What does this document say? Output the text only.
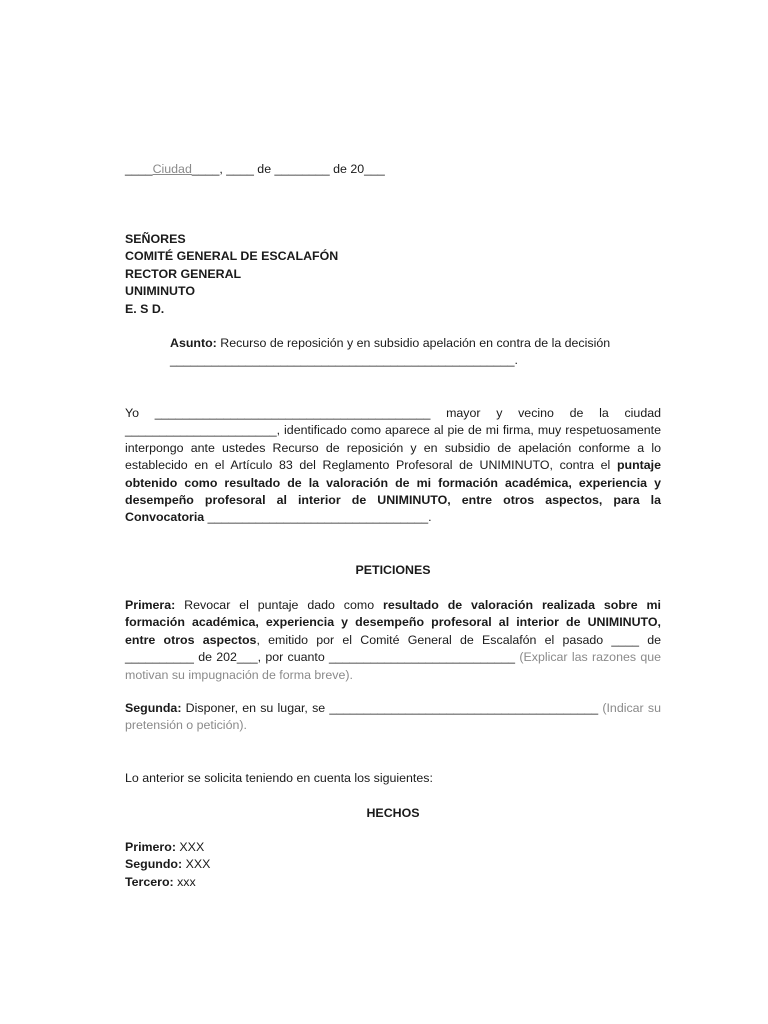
____Ciudad____, ____ de ________ de 20___

SEÑORES

COMITÉ GENERAL DE ESCALAFÓN

RECTOR GENERAL

UNIMINUTO

E. S D.

Asunto: Recurso de reposición y en subsidio apelación en contra de la decisión
__________________________________________________.
Yo ________________________________________ mayor y vecino de la ciudad ______________________, identificado como aparece al pie de mi firma, muy respetuosamente interpongo ante ustedes Recurso de reposición y en subsidio de apelación conforme a lo establecido en el Artículo 83 del Reglamento Profesoral de UNIMINUTO, contra el puntaje obtenido como resultado de la valoración de mi formación académica, experiencia y desempeño profesoral al interior de UNIMINUTO, entre otros aspectos, para la Convocatoria ________________________________.
PETICIONES
Primera: Revocar el puntaje dado como resultado de valoración realizada sobre mi formación académica, experiencia y desempeño profesoral al interior de UNIMINUTO, entre otros aspectos, emitido por el Comité General de Escalafón el pasado ____ de __________ de 202___, por cuanto ___________________________ (Explicar las razones que motivan su impugnación de forma breve).
Segunda: Disponer, en su lugar, se _______________________________________ (Indicar su pretensión o petición).
Lo anterior se solicita teniendo en cuenta los siguientes:
HECHOS

Primero: XXX

Segundo: XXX

Tercero: xxx
